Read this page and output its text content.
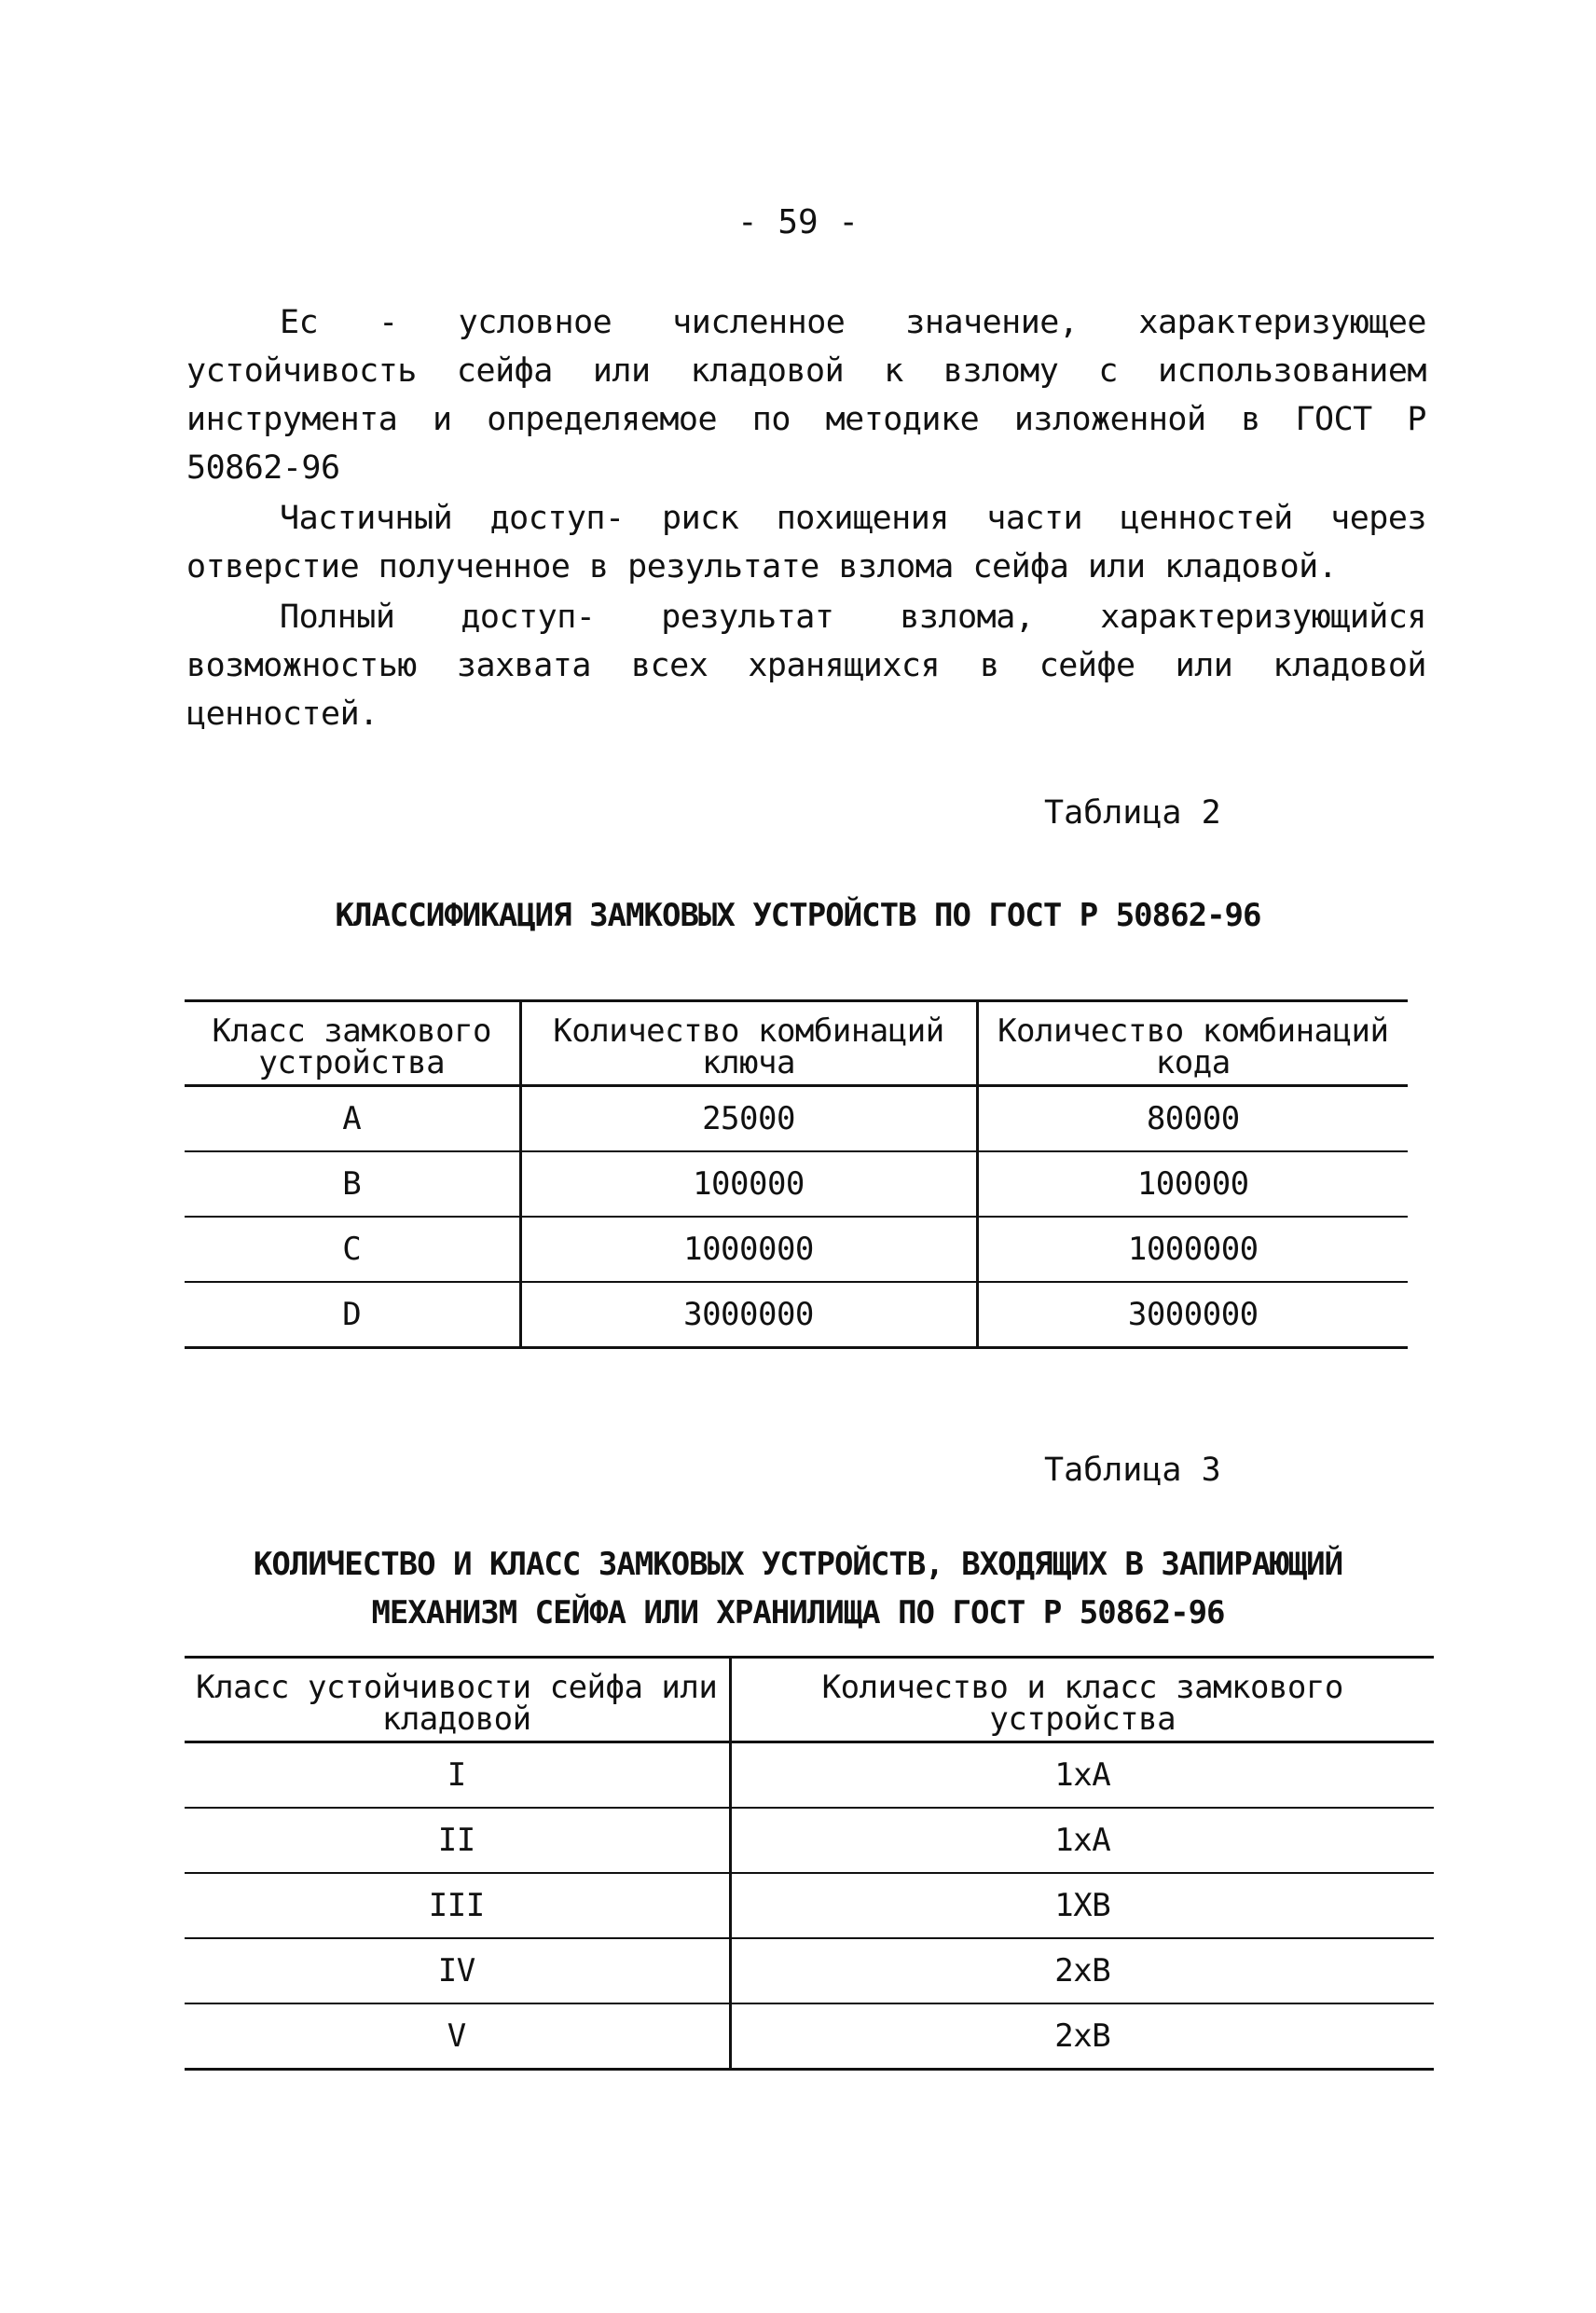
- 59 -

Ес - условное численное значение, характеризующее устойчивость сейфа или кладовой к взлому с использованием инструмента и определяемое по методике изложенной в ГОСТ Р 50862-96

Частичный доступ- риск похищения части ценностей через отверстие полученное в результате взлома сейфа или кладовой.

Полный доступ- результат взлома, характеризующийся возможностью захвата всех хранящихся в сейфе или кладовой ценностей.

Таблица 2
КЛАССИФИКАЦИЯ ЗАМКОВЫХ УСТРОЙСТВ ПО ГОСТ Р 50862-96
Класс замкового устройства	Количество комбинаций ключа	Количество комбинаций кода
A	25000	80000
B	100000	100000
C	1000000	1000000
D	3000000	3000000
Таблица 3
КОЛИЧЕСТВО И КЛАСС ЗАМКОВЫХ УСТРОЙСТВ, ВХОДЯЩИХ В ЗАПИРАЮЩИЙ
МЕХАНИЗМ СЕЙФА ИЛИ ХРАНИЛИЩА ПО ГОСТ Р 50862-96
Класс устойчивости сейфа или кладовой	Количество и класс замкового устройства
I	1хА
II	1хА
III	1ХВ
IV	2хВ
V	2хВ
